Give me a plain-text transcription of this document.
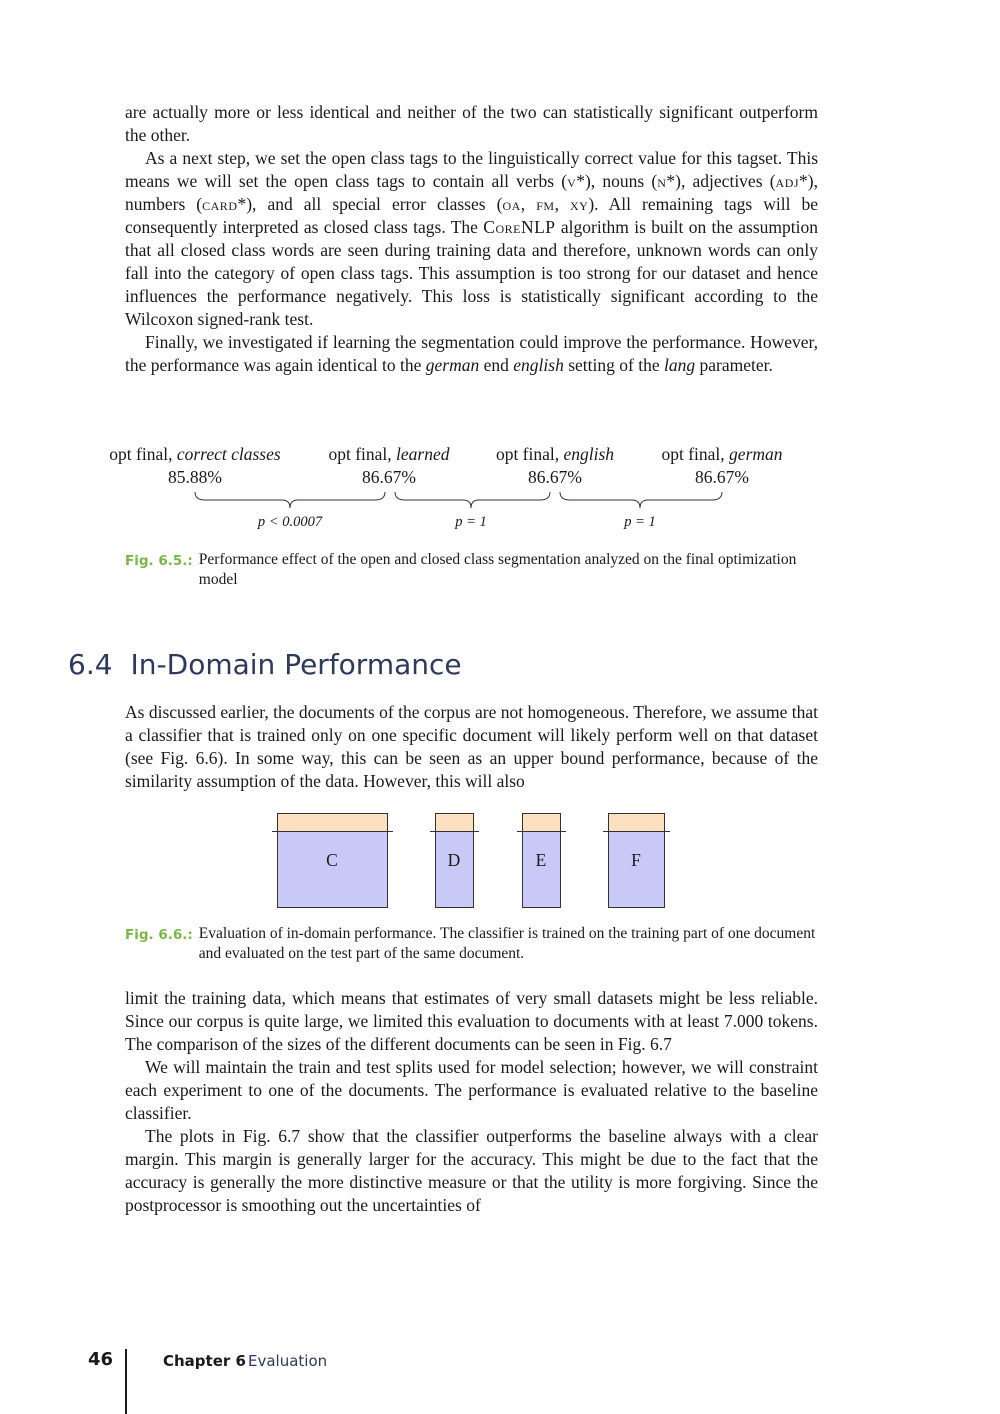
are actually more or less identical and neither of the two can statistically significant outperform the other.

As a next step, we set the open class tags to the linguistically correct value for this tagset. This means we will set the open class tags to contain all verbs (v*), nouns (n*), adjectives (adj*), numbers (card*), and all special error classes (oa, fm, xy). All remaining tags will be consequently interpreted as closed class tags. The CoreNLP algorithm is built on the assumption that all closed class words are seen during training data and therefore, unknown words can only fall into the category of open class tags. This assumption is too strong for our dataset and hence influences the performance negatively. This loss is statistically significant according to the Wilcoxon signed-rank test.

Finally, we investigated if learning the segmentation could improve the performance. However, the performance was again identical to the german end english setting of the lang parameter.

opt final, correct classes	opt final, learned	opt final, english	opt final, german
85.88%	86.67%	86.67%	86.67%
p < 0.0007	p = 1	p = 1
Fig. 6.5.: Performance effect of the open and closed class segmentation analyzed on the final optimization model
6.4 In-Domain Performance

As discussed earlier, the documents of the corpus are not homogeneous. Therefore, we assume that a classifier that is trained only on one specific document will likely perform well on that dataset (see Fig. 6.6). In some way, this can be seen as an upper bound performance, because of the similarity assumption of the data. However, this will also

C	D	E	F
Fig. 6.6.: Evaluation of in-domain performance. The classifier is trained on the training part of one document and evaluated on the test part of the same document.

limit the training data, which means that estimates of very small datasets might be less reliable. Since our corpus is quite large, we limited this evaluation to documents with at least 7.000 tokens. The comparison of the sizes of the different documents can be seen in Fig. 6.7

We will maintain the train and test splits used for model selection; however, we will constraint each experiment to one of the documents. The performance is evaluated relative to the baseline classifier.

The plots in Fig. 6.7 show that the classifier outperforms the baseline always with a clear margin. This margin is generally larger for the accuracy. This might be due to the fact that the accuracy is generally the more distinctive measure or that the utility is more forgiving. Since the postprocessor is smoothing out the uncertainties of

46	Chapter 6 Evaluation
